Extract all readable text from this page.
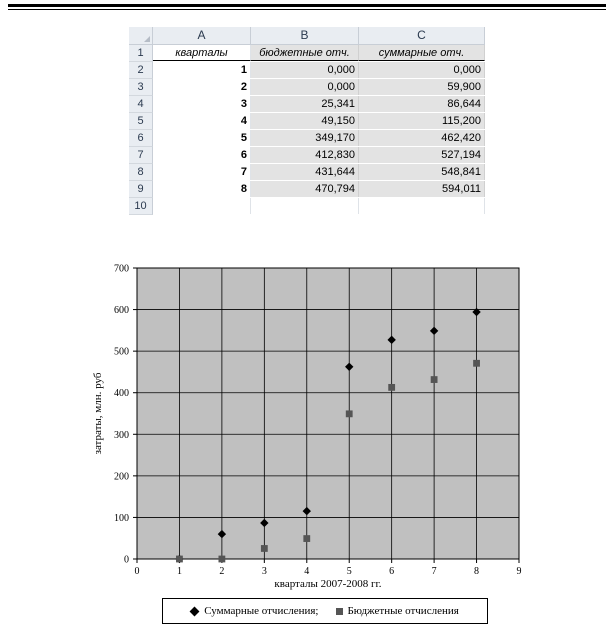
A	B	C
1	кварталы	бюджетные отч.	суммарные отч.
2	1	0,000	0,000
3	2	0,000	59,900
4	3	25,341	86,644
5	4	49,150	115,200
6	5	349,170	462,420
7	6	412,830	527,194
8	7	431,644	548,841
9	8	470,794	594,011
10
0
100
200
300
400
500
600
700
0	1	2	3	4	5	6	7	8	9
кварталы 2007-2008 гг.
затраты, млн. руб
Суммарные отчисления;	Бюджетные отчисления
